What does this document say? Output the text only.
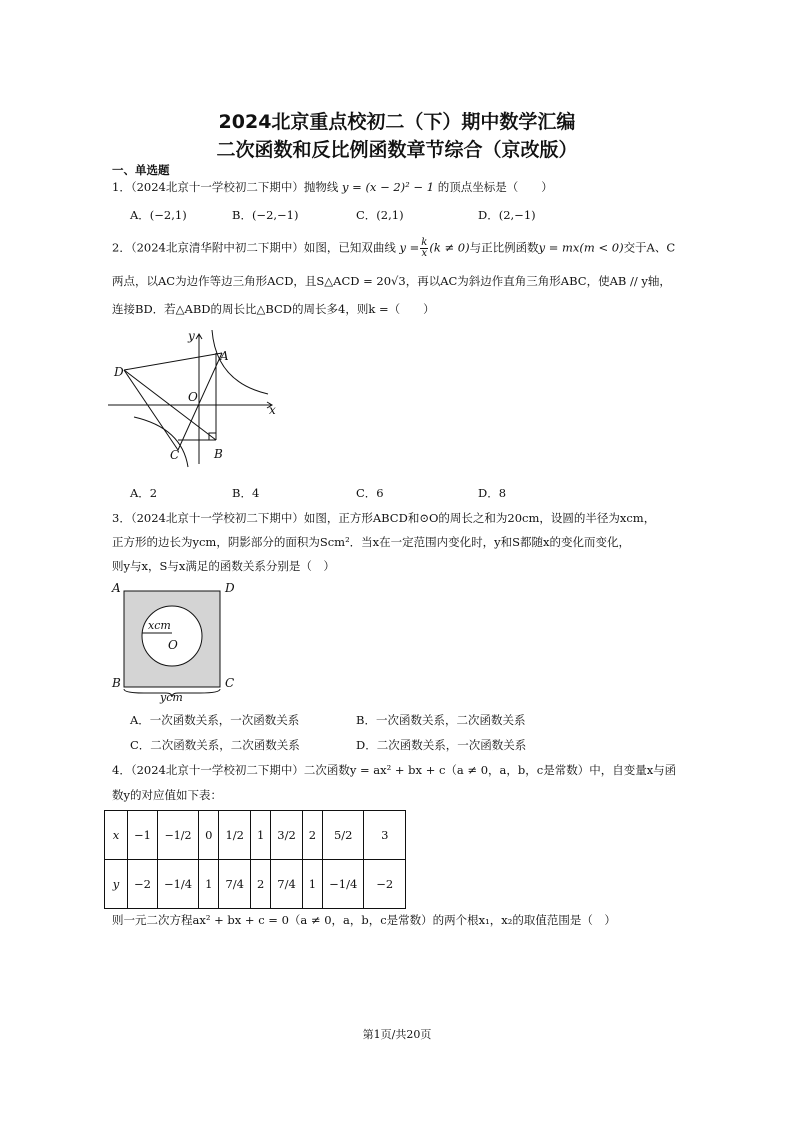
2024北京重点校初二（下）期中数学汇编
二次函数和反比例函数章节综合（京改版）
一、单选题
1．（2024北京十一学校初二下期中）抛物线 y = (x − 2)² − 1 的顶点坐标是（　　）
A．(−2,1)	B．(−2,−1)	C．(2,1)	D．(2,−1)
2．（2024北京清华附中初二下期中）如图，已知双曲线 $y = \frac{k}{x} (k \ne 0)$与正比例函数y = mx(m < 0)交于A、C
两点，以AC为边作等边三角形ACD，且S△ACD = 20√3，再以AC为斜边作直角三角形ABC，使AB // y轴，
连接BD．若△ABD的周长比△BCD的周长多4，则k =（　　）
D
A
O
x
y
C	B
A．2	B．4	C．6	D．8
3．（2024北京十一学校初二下期中）如图，正方形ABCD和⊙O的周长之和为20cm，设圆的半径为xcm，
正方形的边长为ycm，阴影部分的面积为Scm²．当x在一定范围内变化时，y和S都随x的变化而变化，
则y与x，S与x满足的函数关系分别是（　）
A	D
B	C
O
xcm
ycm
A．一次函数关系，一次函数关系	B．一次函数关系，二次函数关系
C．二次函数关系，二次函数关系	D．二次函数关系，一次函数关系
4．（2024北京十一学校初二下期中）二次函数y = ax² + bx + c（a ≠ 0，a，b，c是常数）中，自变量x与函
数y的对应值如下表：
x	−1	−1/2	0	1/2	1	3/2	2	5/2	3
y	−2	−1/4	1	7/4	2	7/4	1	−1/4	−2
则一元二次方程ax² + bx + c = 0（a ≠ 0，a，b，c是常数）的两个根x₁，x₂的取值范围是（　）
第1页/共20页
